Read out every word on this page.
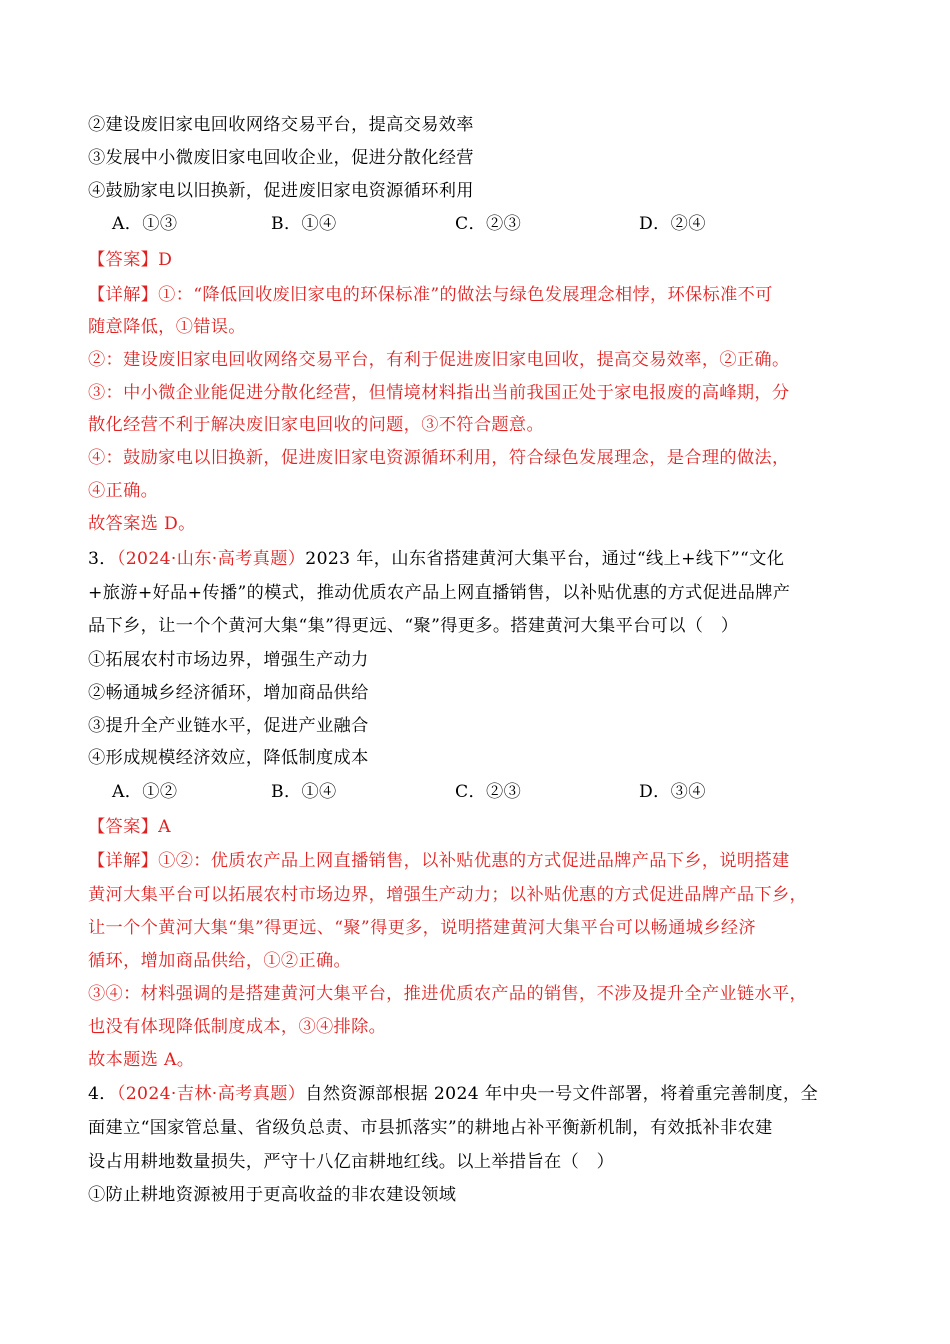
②建设废旧家电回收网络交易平台，提高交易效率

③发展中小微废旧家电回收企业，促进分散化经营

④鼓励家电以旧换新，促进废旧家电资源循环利用

A．①③	B．①④	C．②③	D．②④

【答案】D

【详解】①：“降低回收废旧家电的环保标准”的做法与绿色发展理念相悖，环保标准不可

随意降低，①错误。

②：建设废旧家电回收网络交易平台，有利于促进废旧家电回收，提高交易效率，②正确。

③：中小微企业能促进分散化经营，但情境材料指出当前我国正处于家电报废的高峰期，分

散化经营不利于解决废旧家电回收的问题，③不符合题意。

④：鼓励家电以旧换新，促进废旧家电资源循环利用，符合绿色发展理念，是合理的做法，

④正确。

故答案选 D。

3．（2024·山东·高考真题）2023 年，山东省搭建黄河大集平台，通过“线上+线下”“文化

+旅游+好品+传播”的模式，推动优质农产品上网直播销售，以补贴优惠的方式促进品牌产

品下乡，让一个个黄河大集“集”得更远、“聚”得更多。搭建黄河大集平台可以（　）

①拓展农村市场边界，增强生产动力

②畅通城乡经济循环，增加商品供给

③提升全产业链水平，促进产业融合

④形成规模经济效应，降低制度成本

A．①②	B．①④	C．②③	D．③④

【答案】A

【详解】①②：优质农产品上网直播销售，以补贴优惠的方式促进品牌产品下乡，说明搭建

黄河大集平台可以拓展农村市场边界，增强生产动力；以补贴优惠的方式促进品牌产品下乡，

让一个个黄河大集“集”得更远、“聚”得更多，说明搭建黄河大集平台可以畅通城乡经济

循环，增加商品供给，①②正确。

③④：材料强调的是搭建黄河大集平台，推进优质农产品的销售，不涉及提升全产业链水平，

也没有体现降低制度成本，③④排除。

故本题选 A。

4．（2024·吉林·高考真题）自然资源部根据 2024 年中央一号文件部署，将着重完善制度，全

面建立“国家管总量、省级负总责、市县抓落实”的耕地占补平衡新机制，有效抵补非农建

设占用耕地数量损失，严守十八亿亩耕地红线。以上举措旨在（　）

①防止耕地资源被用于更高收益的非农建设领域
